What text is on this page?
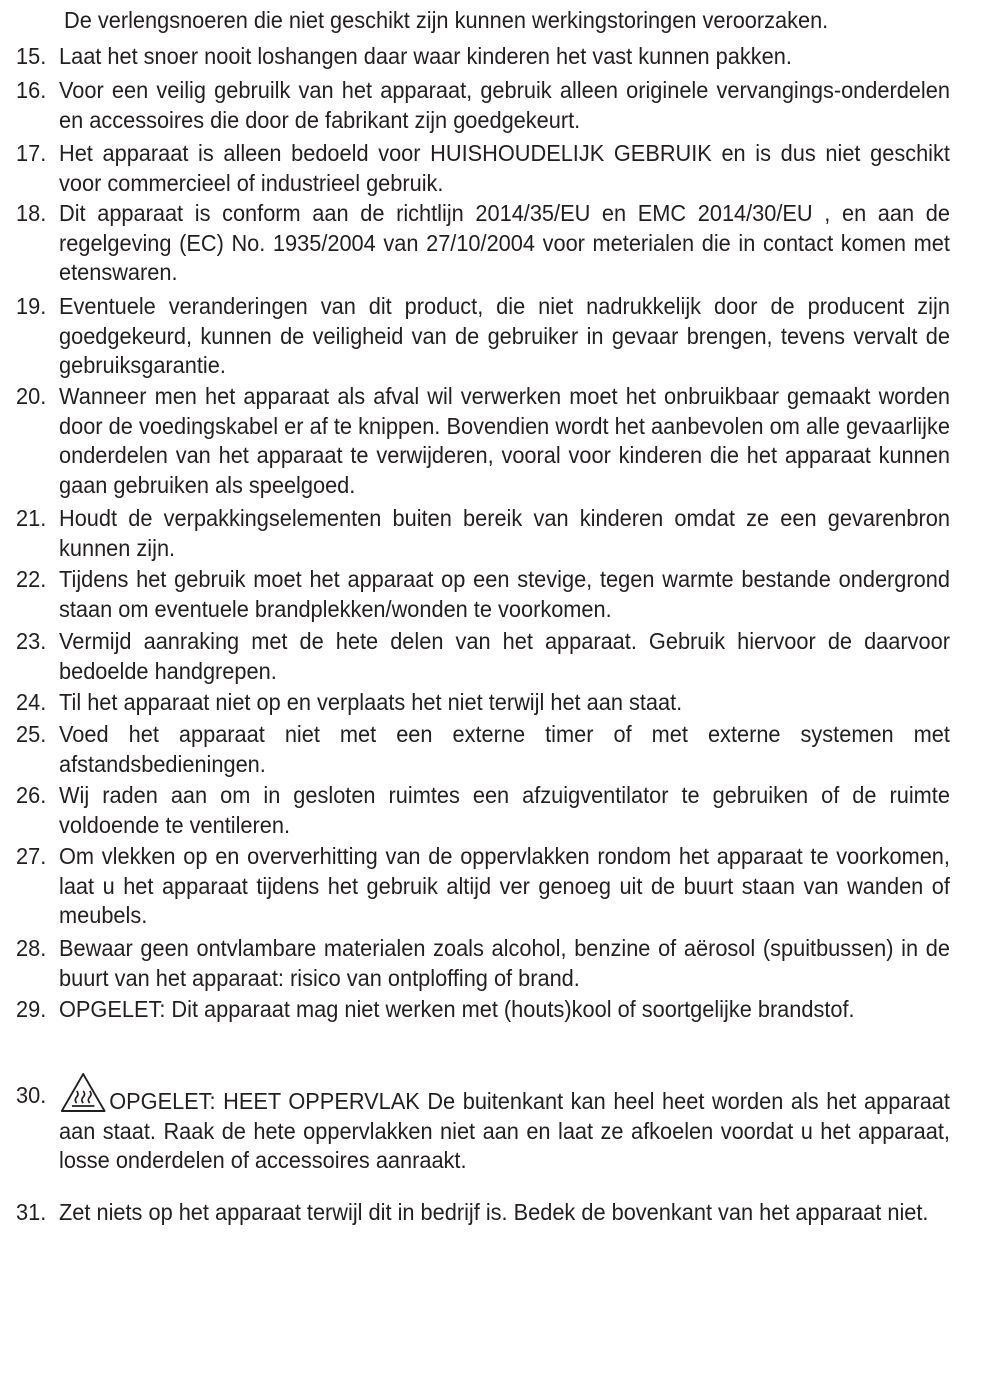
De verlengsnoeren die niet geschikt zijn kunnen werkingstoringen veroorzaken.

15. Laat het snoer nooit loshangen daar waar kinderen het vast kunnen pakken.
16. Voor een veilig gebruilk van het apparaat, gebruik alleen originele vervangings-onderdelen en accessoires die door de fabrikant zijn goedgekeurt.
17. Het apparaat is alleen bedoeld voor HUISHOUDELIJK GEBRUIK en is dus niet geschikt voor commercieel of industrieel gebruik.
18. Dit apparaat is conform aan de richtlijn 2014/35/EU en EMC 2014/30/EU , en aan de regelgeving (EC) No. 1935/2004 van 27/10/2004 voor meterialen die in contact komen met etenswaren.
19. Eventuele veranderingen van dit product, die niet nadrukkelijk door de producent zijn goedgekeurd, kunnen de veiligheid van de gebruiker in gevaar brengen, tevens vervalt de gebruiksgarantie.
20. Wanneer men het apparaat als afval wil verwerken moet het onbruikbaar gemaakt worden door de voedingskabel er af te knippen. Bovendien wordt het aanbevolen om alle gevaarlijke onderdelen van het apparaat te verwijderen, vooral voor kinderen die het apparaat kunnen gaan gebruiken als speelgoed.
21. Houdt de verpakkingselementen buiten bereik van kinderen omdat ze een gevarenbron kunnen zijn.
22. Tijdens het gebruik moet het apparaat op een stevige, tegen warmte bestande ondergrond staan om eventuele brandplekken/wonden te voorkomen.
23. Vermijd aanraking met de hete delen van het apparaat. Gebruik hiervoor de daarvoor bedoelde handgrepen.
24. Til het apparaat niet op en verplaats het niet terwijl het aan staat.
25. Voed het apparaat niet met een externe timer of met externe systemen met afstandsbedieningen.
26. Wij raden aan om in gesloten ruimtes een afzuigventilator te gebruiken of de ruimte voldoende te ventileren.
27. Om vlekken op en oververhitting van de oppervlakken rondom het apparaat te voorkomen, laat u het apparaat tijdens het gebruik altijd ver genoeg uit de buurt staan van wanden of meubels.
28. Bewaar geen ontvlambare materialen zoals alcohol, benzine of aërosol (spuitbussen) in de buurt van het apparaat: risico van ontploffing of brand.
29. OPGELET: Dit apparaat mag niet werken met (houts)kool of soortgelijke brandstof.
30.	OPGELET: HEET OPPERVLAK De buitenkant kan heel heet worden als het apparaat aan staat. Raak de hete oppervlakken niet aan en laat ze afkoelen voordat u het apparaat, losse onderdelen of accessoires aanraakt.
31. Zet niets op het apparaat terwijl dit in bedrijf is. Bedek de bovenkant van het apparaat niet.
